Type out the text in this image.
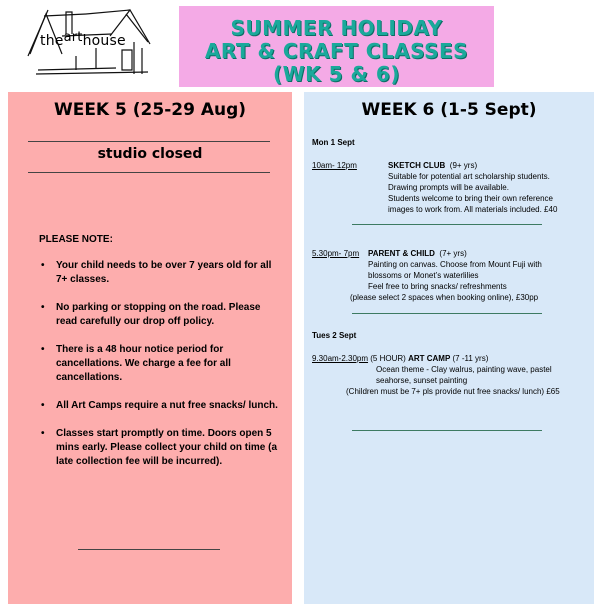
thearthouse
SUMMER HOLIDAY
ART & CRAFT CLASSES
(WK 5 & 6)
WEEK 5 (25-29 Aug)
studio closed
PLEASE NOTE:
• Your child needs to be over 7 years old for all 7+ classes.
• No parking or stopping on the road. Please read carefully our drop off policy.
• There is a 48 hour notice period for cancellations. We charge a fee for all cancellations.
• All Art Camps require a nut free snacks/ lunch.
• Classes start promptly on time. Doors open 5 mins early. Please collect your child on time (a late collection fee will be incurred).
WEEK 6 (1-5 Sept)
Mon 1 Sept
10am- 12pm	SKETCH CLUB (9+ yrs)
Suitable for potential art scholarship students.
Drawing prompts will be available.
Students welcome to bring their own reference
images to work from. All materials included. £40
5.30pm- 7pm PARENT & CHILD (7+ yrs)
Painting on canvas. Choose from Mount Fuji with
blossoms or Monet’s waterlilies
Feel free to bring snacks/ refreshments
(please select 2 spaces when booking online), £30pp
Tues 2 Sept
9.30am-2.30pm (5 HOUR) ART CAMP (7 -11 yrs)
Ocean theme - Clay walrus, painting wave, pastel
seahorse, sunset painting
(Children must be 7+ pls provide nut free snacks/ lunch) £65
